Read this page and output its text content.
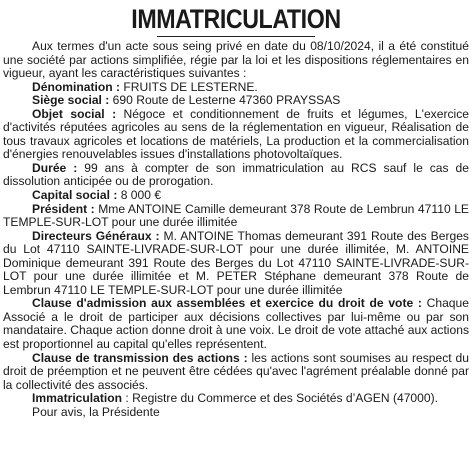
IMMATRICULATION

Aux termes d'un acte sous seing privé en date du 08/10/2024, il a été constitué une société par actions simplifiée, régie par la loi et les dispositions réglementaires en vigueur, ayant les caractéristiques suivantes :

Dénomination : FRUITS DE LESTERNE.

Siège social : 690 Route de Lesterne 47360 PRAYSSAS

Objet social : Négoce et conditionnement de fruits et légumes, L'exercice d'activités réputées agricoles au sens de la réglementation en vigueur, Réalisation de tous travaux agricoles et locations de matériels, La production et la commercialisation d'énergies renouvelables issues d'installations photovoltaïques.

Durée : 99 ans à compter de son immatriculation au RCS sauf le cas de dissolution anticipée ou de prorogation.

Capital social : 8 000 €

Président : Mme ANTOINE Camille demeurant 378 Route de Lembrun 47110 LE TEMPLE-SUR-LOT pour une durée illimitée

Directeurs Généraux : M. ANTOINE Thomas demeurant 391 Route des Berges du Lot 47110 SAINTE-LIVRADE-SUR-LOT pour une durée illimitée, M. ANTOINE Dominique demeurant 391 Route des Berges du Lot 47110 SAINTE-LIVRADE-SUR-LOT pour une durée illimitée et M. PETER Stéphane demeurant 378 Route de Lembrun 47110 LE TEMPLE-SUR-LOT pour une durée illimitée

Clause d'admission aux assemblées et exercice du droit de vote : Chaque Associé a le droit de participer aux décisions collectives par lui-même ou par son mandataire. Chaque action donne droit à une voix. Le droit de vote attaché aux actions est proportionnel au capital qu'elles représentent.

Clause de transmission des actions : les actions sont soumises au respect du droit de préemption et ne peuvent être cédées qu'avec l'agrément préalable donné par la collectivité des associés.

Immatriculation : Registre du Commerce et des Sociétés d’AGEN (47000).

Pour avis, la Présidente
